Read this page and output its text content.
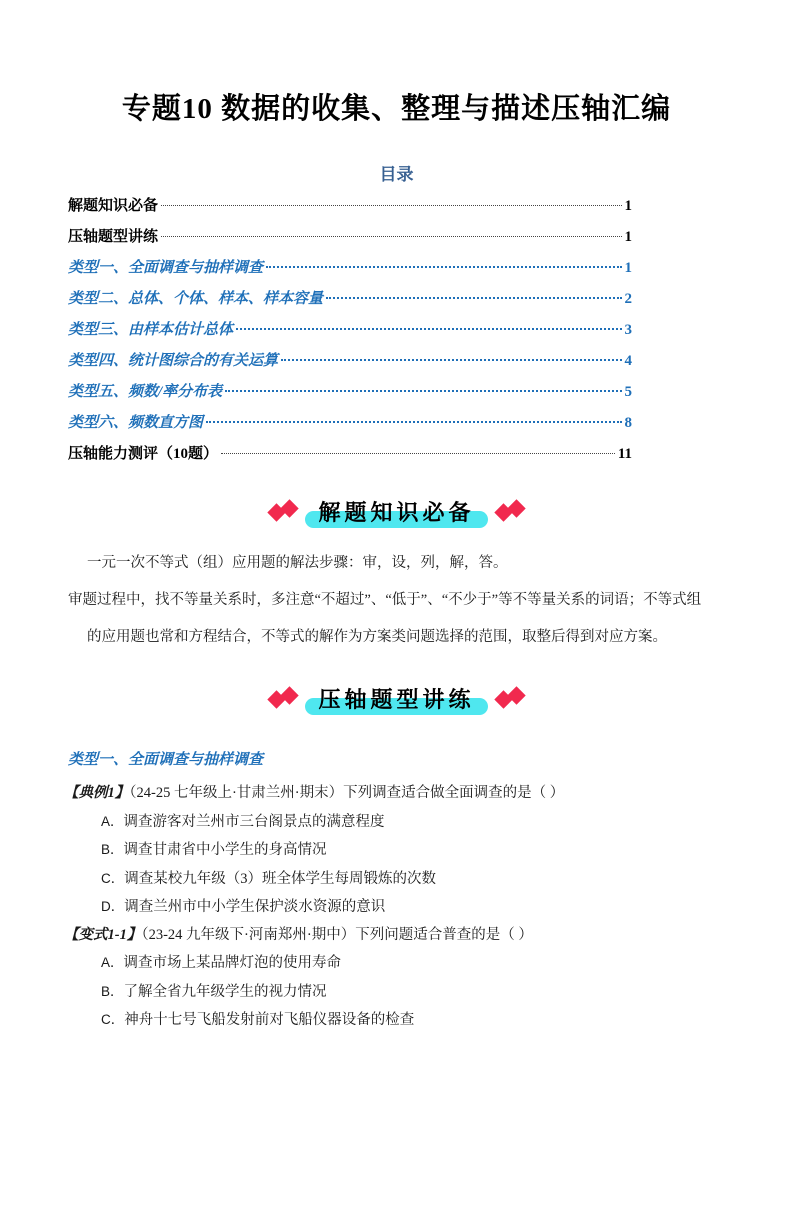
专题10 数据的收集、整理与描述压轴汇编
目录
解题知识必备	1
压轴题型讲练	1
类型一、全面调查与抽样调查	1
类型二、总体、个体、样本、样本容量	2
类型三、由样本估计总体	3
类型四、统计图综合的有关运算	4
类型五、频数/率分布表	5
类型六、频数直方图	8
压轴能力测评（10题）	11

解题知识必备

一元一次不等式（组）应用题的解法步骤：审，设，列，解，答。
审题过程中，找不等量关系时，多注意“不超过”、“低于”、“不少于”等不等量关系的词语；不等式组
的应用题也常和方程结合，不等式的解作为方案类问题选择的范围，取整后得到对应方案。

压轴题型讲练

类型一、全面调查与抽样调查
【典例1】（24-25 七年级上·甘肃兰州·期末）下列调查适合做全面调查的是（ ）
A．调查游客对兰州市三台阁景点的满意程度
B．调查甘肃省中小学生的身高情况
C．调查某校九年级（3）班全体学生每周锻炼的次数
D．调查兰州市中小学生保护淡水资源的意识
【变式1-1】（23-24 九年级下·河南郑州·期中）下列问题适合普查的是（ ）
A．调查市场上某品牌灯泡的使用寿命
B．了解全省九年级学生的视力情况
C．神舟十七号飞船发射前对飞船仪器设备的检查
